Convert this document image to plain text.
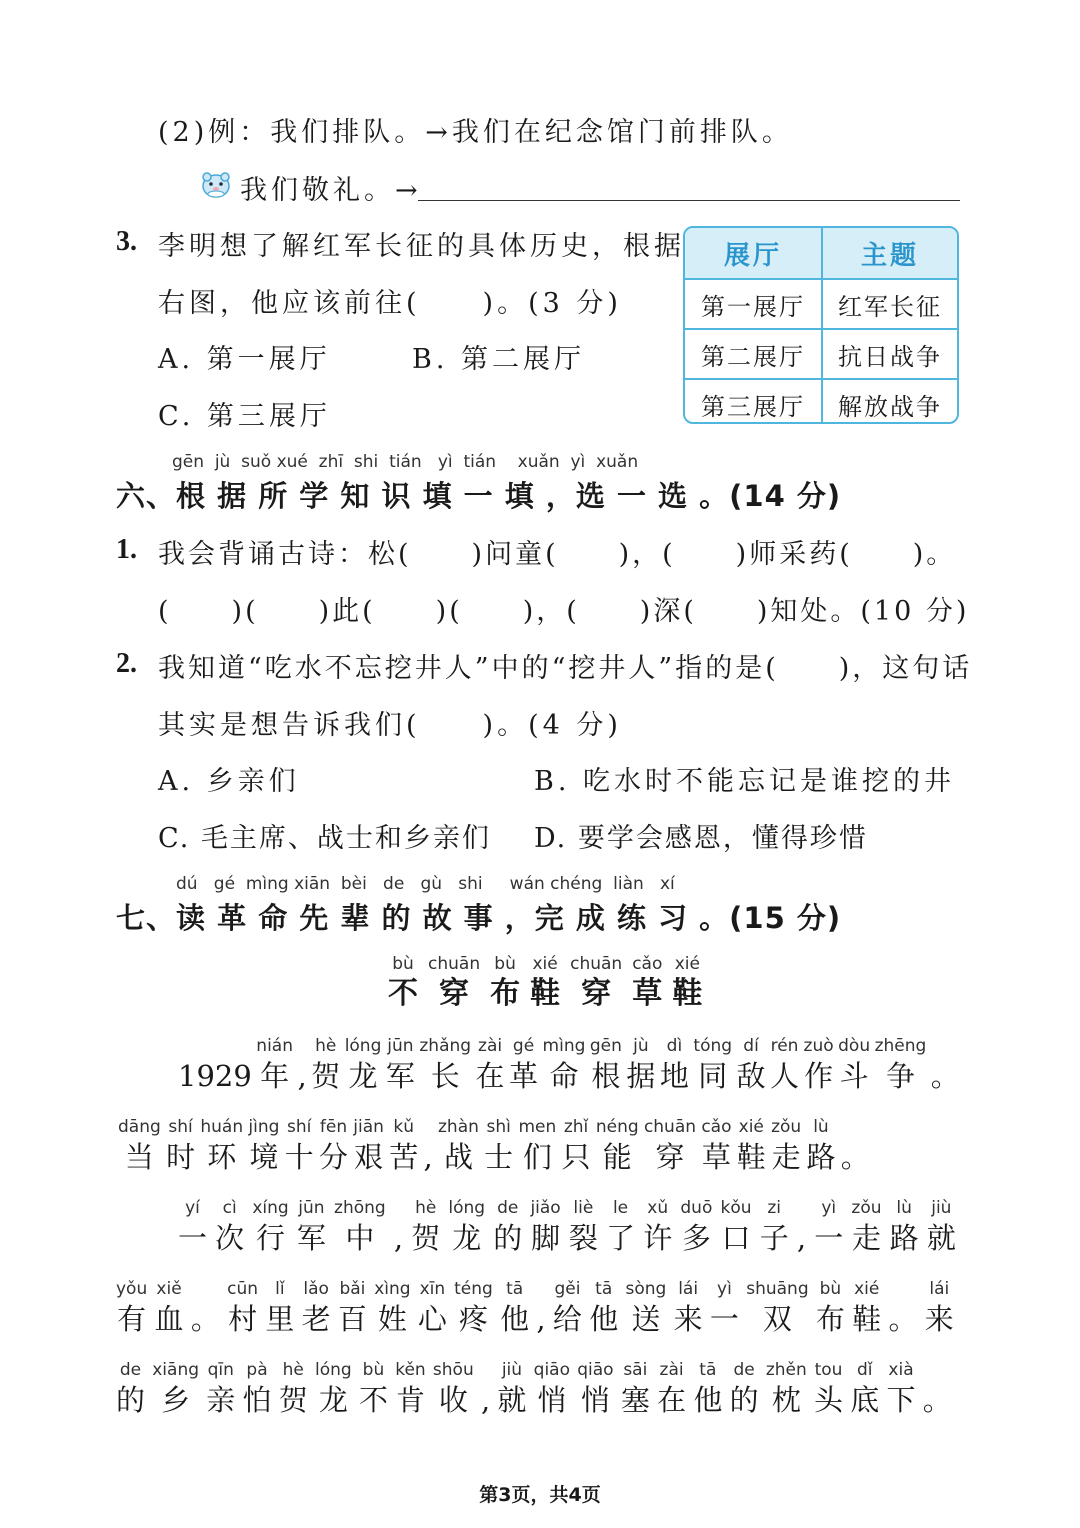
(2)例：我们排队。→我们在纪念馆门前排队。
我们敬礼。→
3. 李明想了解红军长征的具体历史，根据
右图，他应该前往(　　)。(3 分)
A. 第一展厅	B. 第二展厅
C. 第三展厅
展厅	主题
第一展厅	红军长征
第二展厅	抗日战争
第三展厅	解放战争
gēn  jù  suǒ xué  zhī  shi  tián   yì  tián    xuǎn  yì  xuǎn
六、根 据 所 学 知 识 填 一 填 ，选 一 选 。(14 分)
1. 我会背诵古诗：松(　　)问童(　　)，(　　)师采药(　　)。
(　　)(　　)此(　　)(　　)，(　　)深(　　)知处。(10 分)
2. 我知道“吃水不忘挖井人”中的“挖井人”指的是(　　)，这句话
其实是想告诉我们(　　)。(4 分)
A. 乡亲们	B. 吃水时不能忘记是谁挖的井
C. 毛主席、战士和乡亲们 D. 要学会感恩，懂得珍惜
dú   gé  mìng xiān  bèi   de   gù   shi     wán chéng  liàn   xí
七、读 革 命 先 辈 的 故 事 ，完 成 练 习 。(15 分)
bù
不
chuān
穿
bù
布
xié
鞋
chuān
穿
cǎo
草
xié
鞋
1929
nián
年 ,
hè
贺
lóng
龙
jūn
军
zhǎng
长
zài
在
gé
革
mìng
命
gēn
根
jù
据
dì
地
tóng
同
dí
敌
rén
人
zuò
作
dòu
斗
zhēng
争 。
dāng
当
shí
时
huán
环
jìng
境
shí
十
fēn
分
jiān
艰
kǔ
苦 ,
zhàn
战
shì
士
men
们
zhǐ
只
néng
能
chuān
穿
cǎo
草
xié
鞋
zǒu
走
lù
路 。
yí
一
cì
次
xíng
行
jūn
军
zhōng
中 ,
hè
贺
lóng
龙
de
的
jiǎo
脚
liè
裂
le
了
xǔ
许
duō
多
kǒu
口
zi
子 ,
yì
一
zǒu
走
lù
路
jiù
就
yǒu
有
xiě
血 。
cūn
村
lǐ
里
lǎo
老
bǎi
百
xìng
姓
xīn
心
téng
疼
tā
他 ,
gěi
给
tā
他
sòng
送
lái
来
yì
一
shuāng
双
bù
布
xié
鞋 。
lái
来
de
的
xiāng
乡
qīn
亲
pà
怕
hè
贺
lóng
龙
bù
不
kěn
肯
shōu
收 ,
jiù
就
qiāo
悄
qiāo
悄
sāi
塞
zài
在
tā
他
de
的
zhěn
枕
tou
头
dǐ
底
xià
下 。
第3页，共4页
